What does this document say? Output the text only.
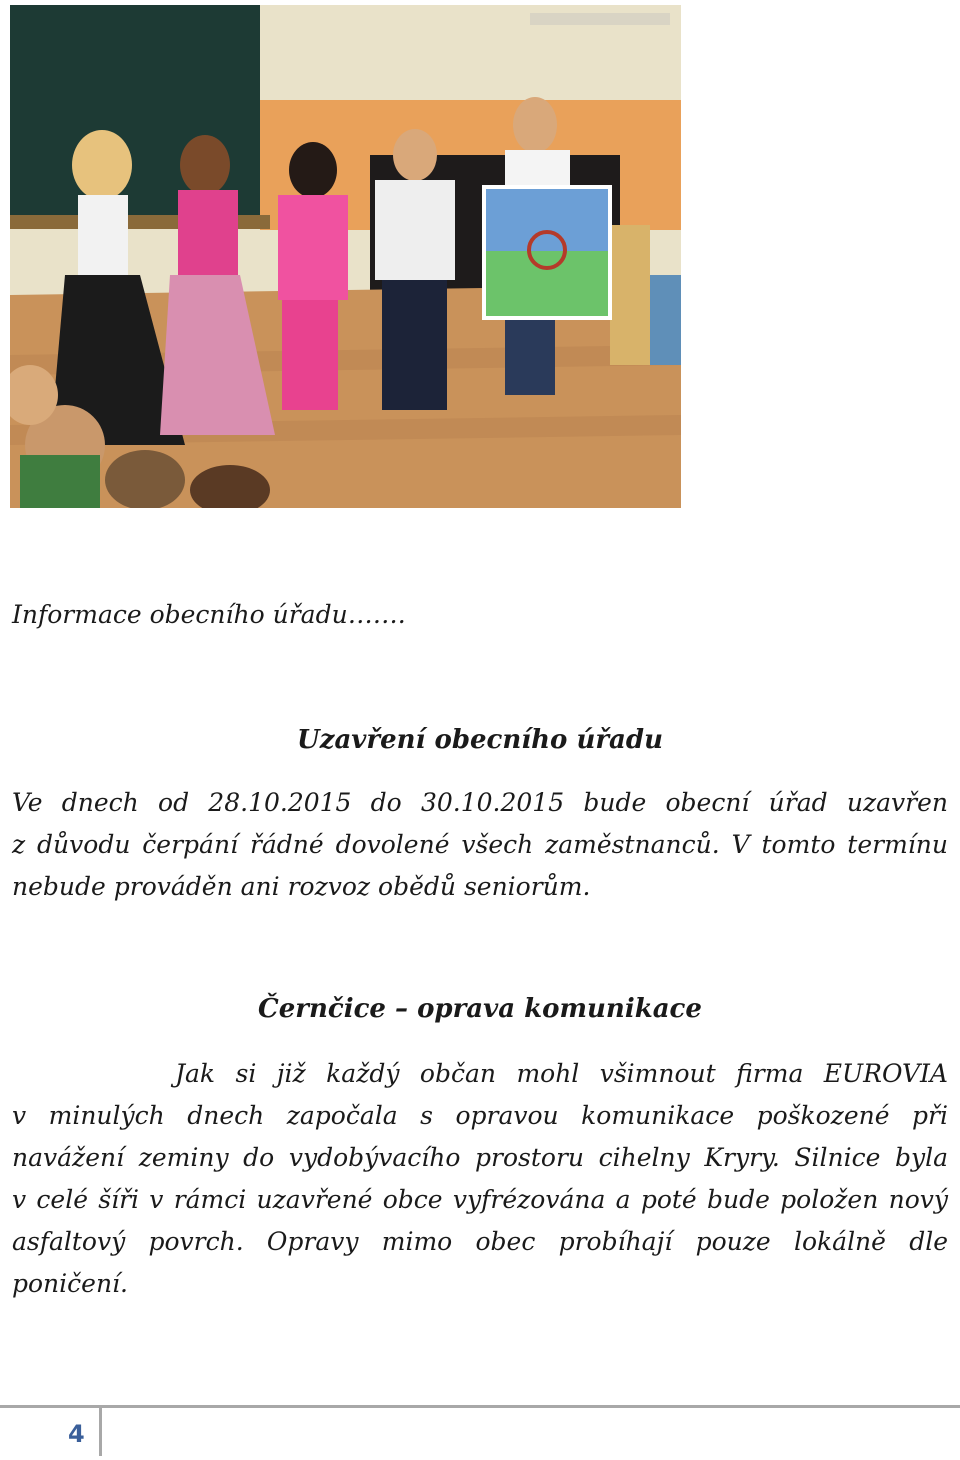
Informace obecního úřadu…….
Uzavření obecního úřadu
Ve dnech od 28.10.2015 do 30.10.2015 bude obecní úřad uzavřen
z důvodu čerpání řádné dovolené všech zaměstnanců. V tomto termínu
nebude prováděn ani rozvoz obědů seniorům.
Černčice – oprava komunikace
Jak si již každý občan mohl všimnout firma EUROVIA
v minulých dnech započala s opravou komunikace poškozené při
navážení zeminy do vydobývacího prostoru cihelny Kryry. Silnice byla
v celé šíři v rámci uzavřené obce vyfrézována a poté bude položen nový
asfaltový povrch. Opravy mimo obec probíhají pouze lokálně dle
poničení.
4
